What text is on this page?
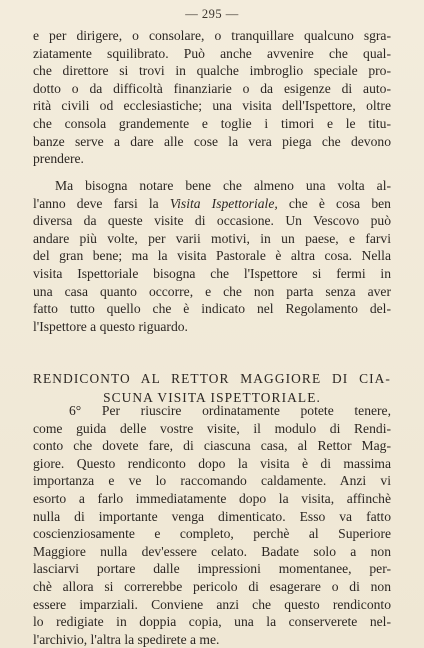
— 295 —
e per dirigere, o consolare, o tranquillare qualcuno sgra-
ziatamente squilibrato. Può anche avvenire che qual-
che direttore si trovi in qualche imbroglio speciale pro-
dotto o da difficoltà finanziarie o da esigenze di auto-
rità civili od ecclesiastiche; una visita dell'Ispettore, oltre
che consola grandemente e toglie i timori e le titu-
banze serve a dare alle cose la vera piega che devono
prendere.
Ma bisogna notare bene che almeno una volta al-
l'anno deve farsi la Visita Ispettoriale, che è cosa ben
diversa da queste visite di occasione. Un Vescovo può
andare più volte, per varii motivi, in un paese, e farvi
del gran bene; ma la visita Pastorale è altra cosa. Nella
visita Ispettoriale bisogna che l'Ispettore si fermi in
una casa quanto occorre, e che non parta senza aver
fatto tutto quello che è indicato nel Regolamento del-
l'Ispettore a questo riguardo.
RENDICONTO AL RETTOR MAGGIORE DI CIA-
SCUNA VISITA ISPETTORIALE.
6° Per riuscire ordinatamente potete tenere,
come guida delle vostre visite, il modulo di Rendi-
conto che dovete fare, di ciascuna casa, al Rettor Mag-
giore. Questo rendiconto dopo la visita è di massima
importanza e ve lo raccomando caldamente. Anzi vi
esorto a farlo immediatamente dopo la visita, affinchè
nulla di importante venga dimenticato. Esso va fatto
coscienziosamente e completo, perchè al Superiore
Maggiore nulla dev'essere celato. Badate solo a non
lasciarvi portare dalle impressioni momentanee, per-
chè allora si correrebbe pericolo di esagerare o di non
essere imparziali. Conviene anzi che questo rendiconto
lo redigiate in doppia copia, una la conserverete nel-
l'archivio, l'altra la spedirete a me.
